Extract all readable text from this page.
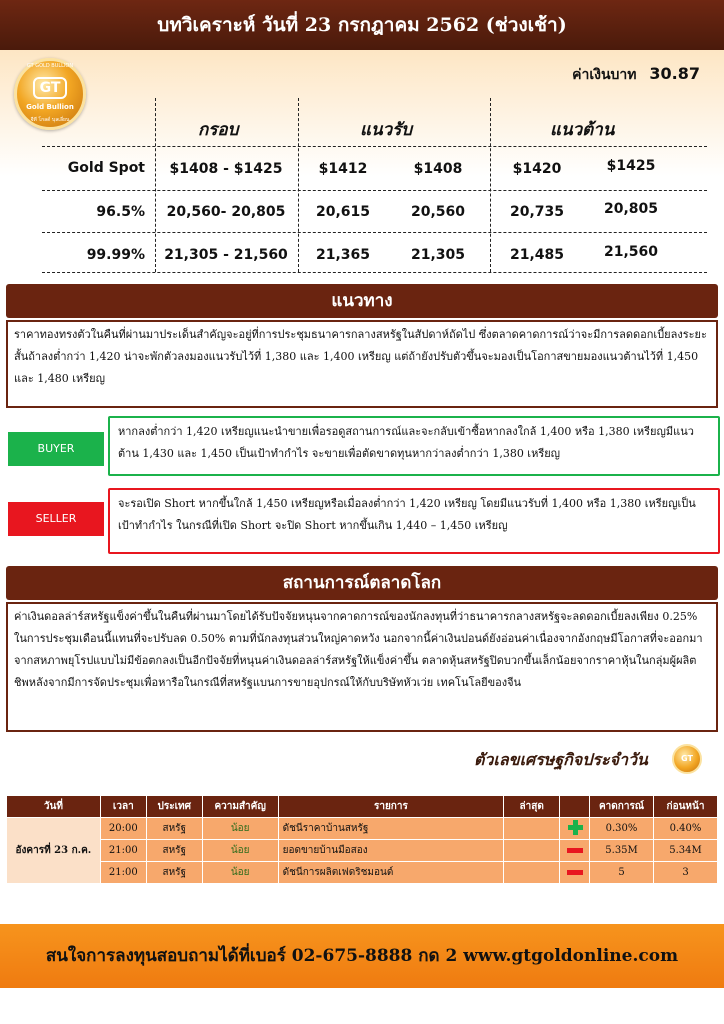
บทวิเคราะห์ วันที่ 23 กรกฎาคม 2562 (ช่วงเช้า)
GT GOLD BULLION
GT
Gold Bullion
จีที โกลด์ บุลเลี่ยน
ค่าเงินบาท 30.87
กรอบ	แนวรับ	แนวต้าน
Gold Spot	$1408 - $1425	$1412	$1408	$1420	$1425
96.5%	20,560- 20,805	20,615	20,560	20,735	20,805
99.99% 21,305 - 21,560	21,365	21,305	21,485	21,560
แนวทาง
ราคาทองทรงตัวในคืนที่ผ่านมาประเด็นสำคัญจะอยู่ที่การประชุมธนาคารกลางสหรัฐในสัปดาห์ถัดไป ซึ่งตลาดคาดการณ์ว่าจะมีการลดดอกเบี้ยลงระยะสั้นถ้าลงต่ำกว่า 1,420 น่าจะพักตัวลงมองแนวรับไว้ที่ 1,380 และ 1,400 เหรียญ แต่ถ้ายังปรับตัวขึ้นจะมองเป็นโอกาสขายมองแนวต้านไว้ที่ 1,450 และ 1,480 เหรียญ
BUYER
หากลงต่ำกว่า 1,420 เหรียญแนะนำขายเพื่อรอดูสถานการณ์และจะกลับเข้าซื้อหากลงใกล้ 1,400 หรือ 1,380 เหรียญมีแนวต้าน 1,430 และ 1,450 เป็นเป้าทำกำไร จะขายเพื่อตัดขาดทุนหากว่าลงต่ำกว่า 1,380 เหรียญ
SELLER
จะรอเปิด Short หากขึ้นใกล้ 1,450 เหรียญหรือเมื่อลงต่ำกว่า 1,420 เหรียญ โดยมีแนวรับที่ 1,400 หรือ 1,380 เหรียญเป็นเป้าทำกำไร ในกรณีที่เปิด Short จะปิด Short หากขึ้นเกิน 1,440 – 1,450 เหรียญ
สถานการณ์ตลาดโลก
ค่าเงินดอลล่าร์สหรัฐแข็งค่าขึ้นในคืนที่ผ่านมาโดยได้รับปัจจัยหนุนจากคาดการณ์ของนักลงทุนที่ว่าธนาคารกลางสหรัฐจะลดดอกเบี้ยลงเพียง 0.25% ในการประชุมเดือนนี้แทนที่จะปรับลด 0.50% ตามที่นักลงทุนส่วนใหญ่คาดหวัง นอกจากนี้ค่าเงินปอนด์ยังอ่อนค่าเนื่องจากอังกฤษมีโอกาสที่จะออกมาจากสหภาพยุโรปแบบไม่มีข้อตกลงเป็นอีกปัจจัยที่หนุนค่าเงินดอลล่าร์สหรัฐให้แข็งค่าขึ้น ตลาดหุ้นสหรัฐปิดบวกขึ้นเล็กน้อยจากราคาหุ้นในกลุ่มผู้ผลิตชิพหลังจากมีการจัดประชุมเพื่อหารือในกรณีที่สหรัฐแบนการขายอุปกรณ์ให้กับบริษัทหัวเว่ย เทคโนโลยีของจีน
ตัวเลขเศรษฐกิจประจำวัน	GT
วันที่	เวลา	ประเทศ	ความสำคัญ	รายการ	ล่าสุด		คาดการณ์	ก่อนหน้า
อังคารที่ 23 ก.ค.	20:00	สหรัฐ	น้อย	ดัชนีราคาบ้านสหรัฐ			0.30%	0.40%
	21:00	สหรัฐ	น้อย	ยอดขายบ้านมือสอง			5.35M	5.34M
	21:00	สหรัฐ	น้อย	ดัชนีการผลิตเฟดริชมอนด์			5	3
สนใจการลงทุนสอบถามได้ที่เบอร์ 02-675-8888 กด 2 www.gtgoldonline.com
